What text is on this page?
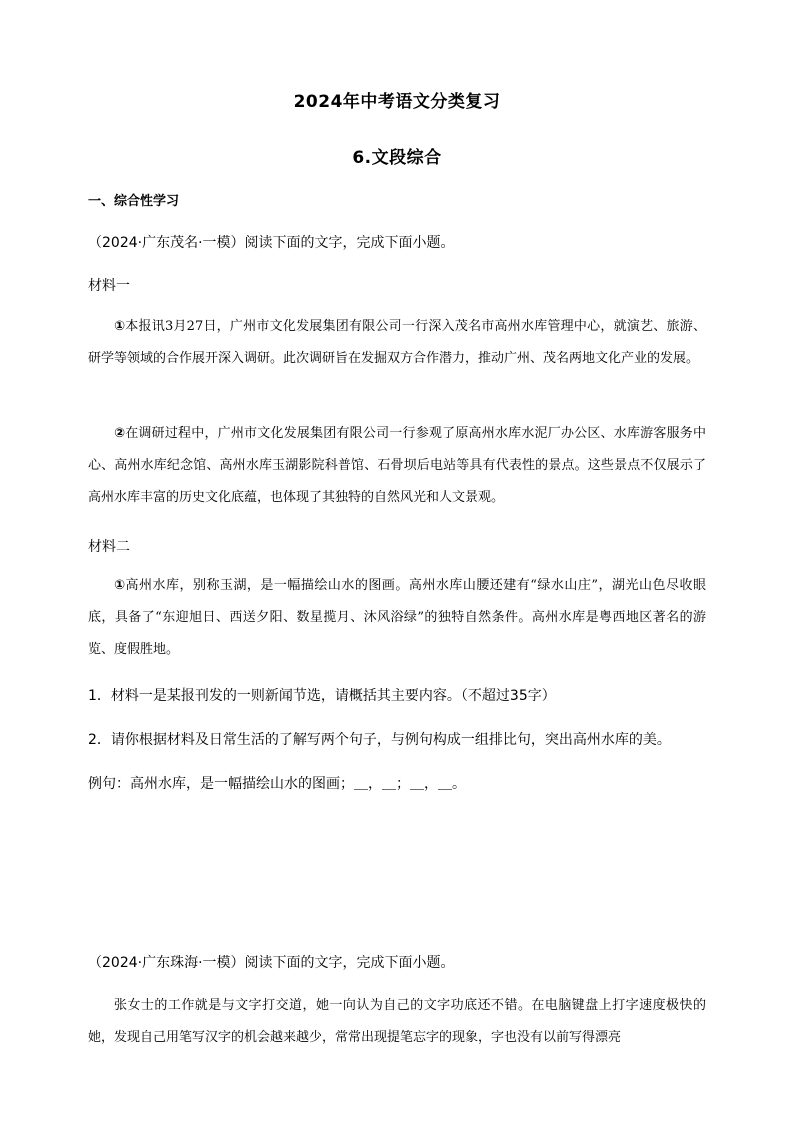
2024年中考语文分类复习
6.文段综合
一、综合性学习
（2024·广东茂名·一模）阅读下面的文字，完成下面小题。
材料一
①本报讯3月27日，广州市文化发展集团有限公司一行深入茂名市高州水库管理中心，就演艺、旅游、研学等领域的合作展开深入调研。此次调研旨在发掘双方合作潜力，推动广州、茂名两地文化产业的发展。
②在调研过程中，广州市文化发展集团有限公司一行参观了原高州水库水泥厂办公区、水库游客服务中心、高州水库纪念馆、高州水库玉湖影院科普馆、石骨坝后电站等具有代表性的景点。这些景点不仅展示了高州水库丰富的历史文化底蕴，也体现了其独特的自然风光和人文景观。
材料二
①高州水库，别称玉湖，是一幅描绘山水的图画。高州水库山腰还建有“绿水山庄”，湖光山色尽收眼底，具备了“东迎旭日、西送夕阳、数星揽月、沐风浴绿”的独特自然条件。高州水库是粤西地区著名的游览、度假胜地。
1．材料一是某报刊发的一则新闻节选，请概括其主要内容。（不超过35字）
2．请你根据材料及日常生活的了解写两个句子，与例句构成一组排比句，突出高州水库的美。
例句：高州水库，是一幅描绘山水的图画；＿，＿；＿，＿。
（2024·广东珠海·一模）阅读下面的文字，完成下面小题。
张女士的工作就是与文字打交道，她一向认为自己的文字功底还不错。在电脑键盘上打字速度极快的她，发现自己用笔写汉字的机会越来越少，常常出现提笔忘字的现象，字也没有以前写得漂亮
